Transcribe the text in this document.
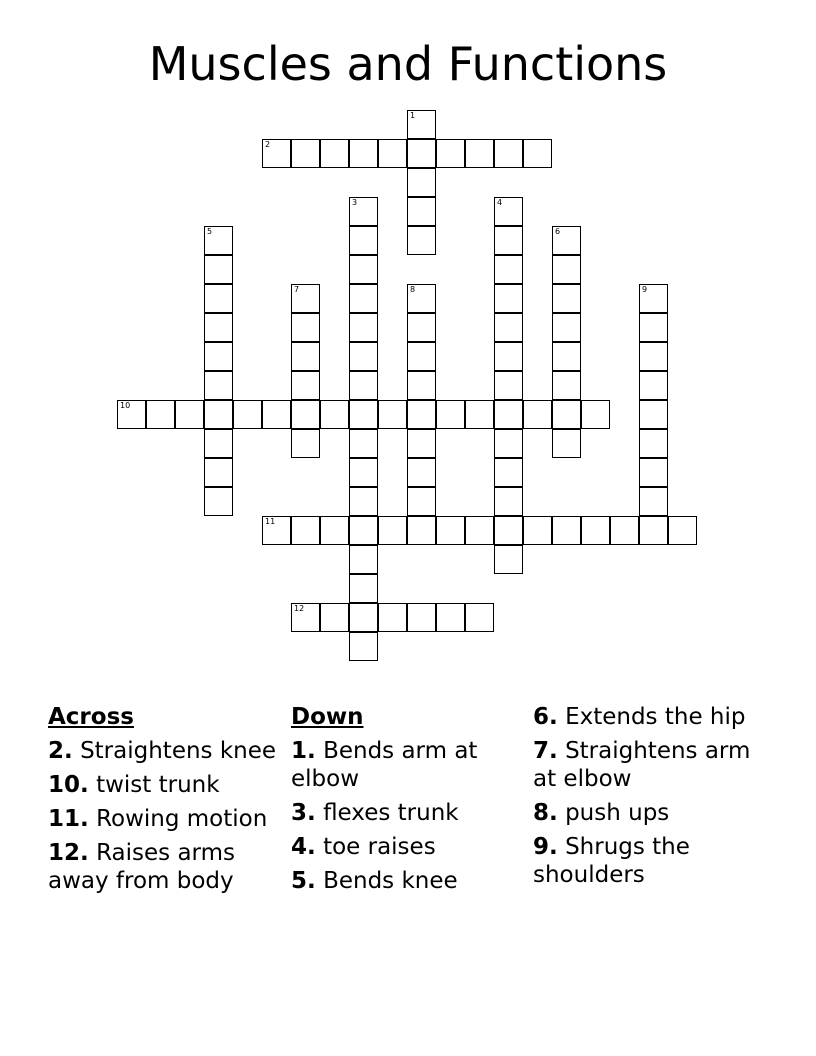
Muscles and Functions
1
2
3	4
5	6
7	8	9
10
11
12
Across
2. Straightens knee
10. twist trunk
11. Rowing motion
12. Raises arms away from body
Down
1. Bends arm at elbow
3. flexes trunk
4. toe raises
5. Bends knee
6. Extends the hip
7. Straightens arm at elbow
8. push ups
9. Shrugs the shoulders
